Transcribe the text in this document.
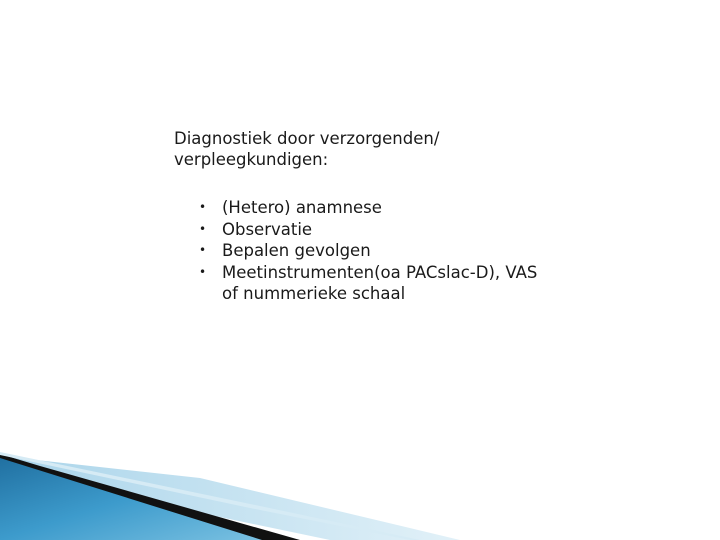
Diagnostiek door verzorgenden/ verpleegkundigen:

• (Hetero) anamnese
• Observatie
• Bepalen gevolgen
• Meetinstrumenten(oa PACslac-D), VAS of nummerieke schaal
